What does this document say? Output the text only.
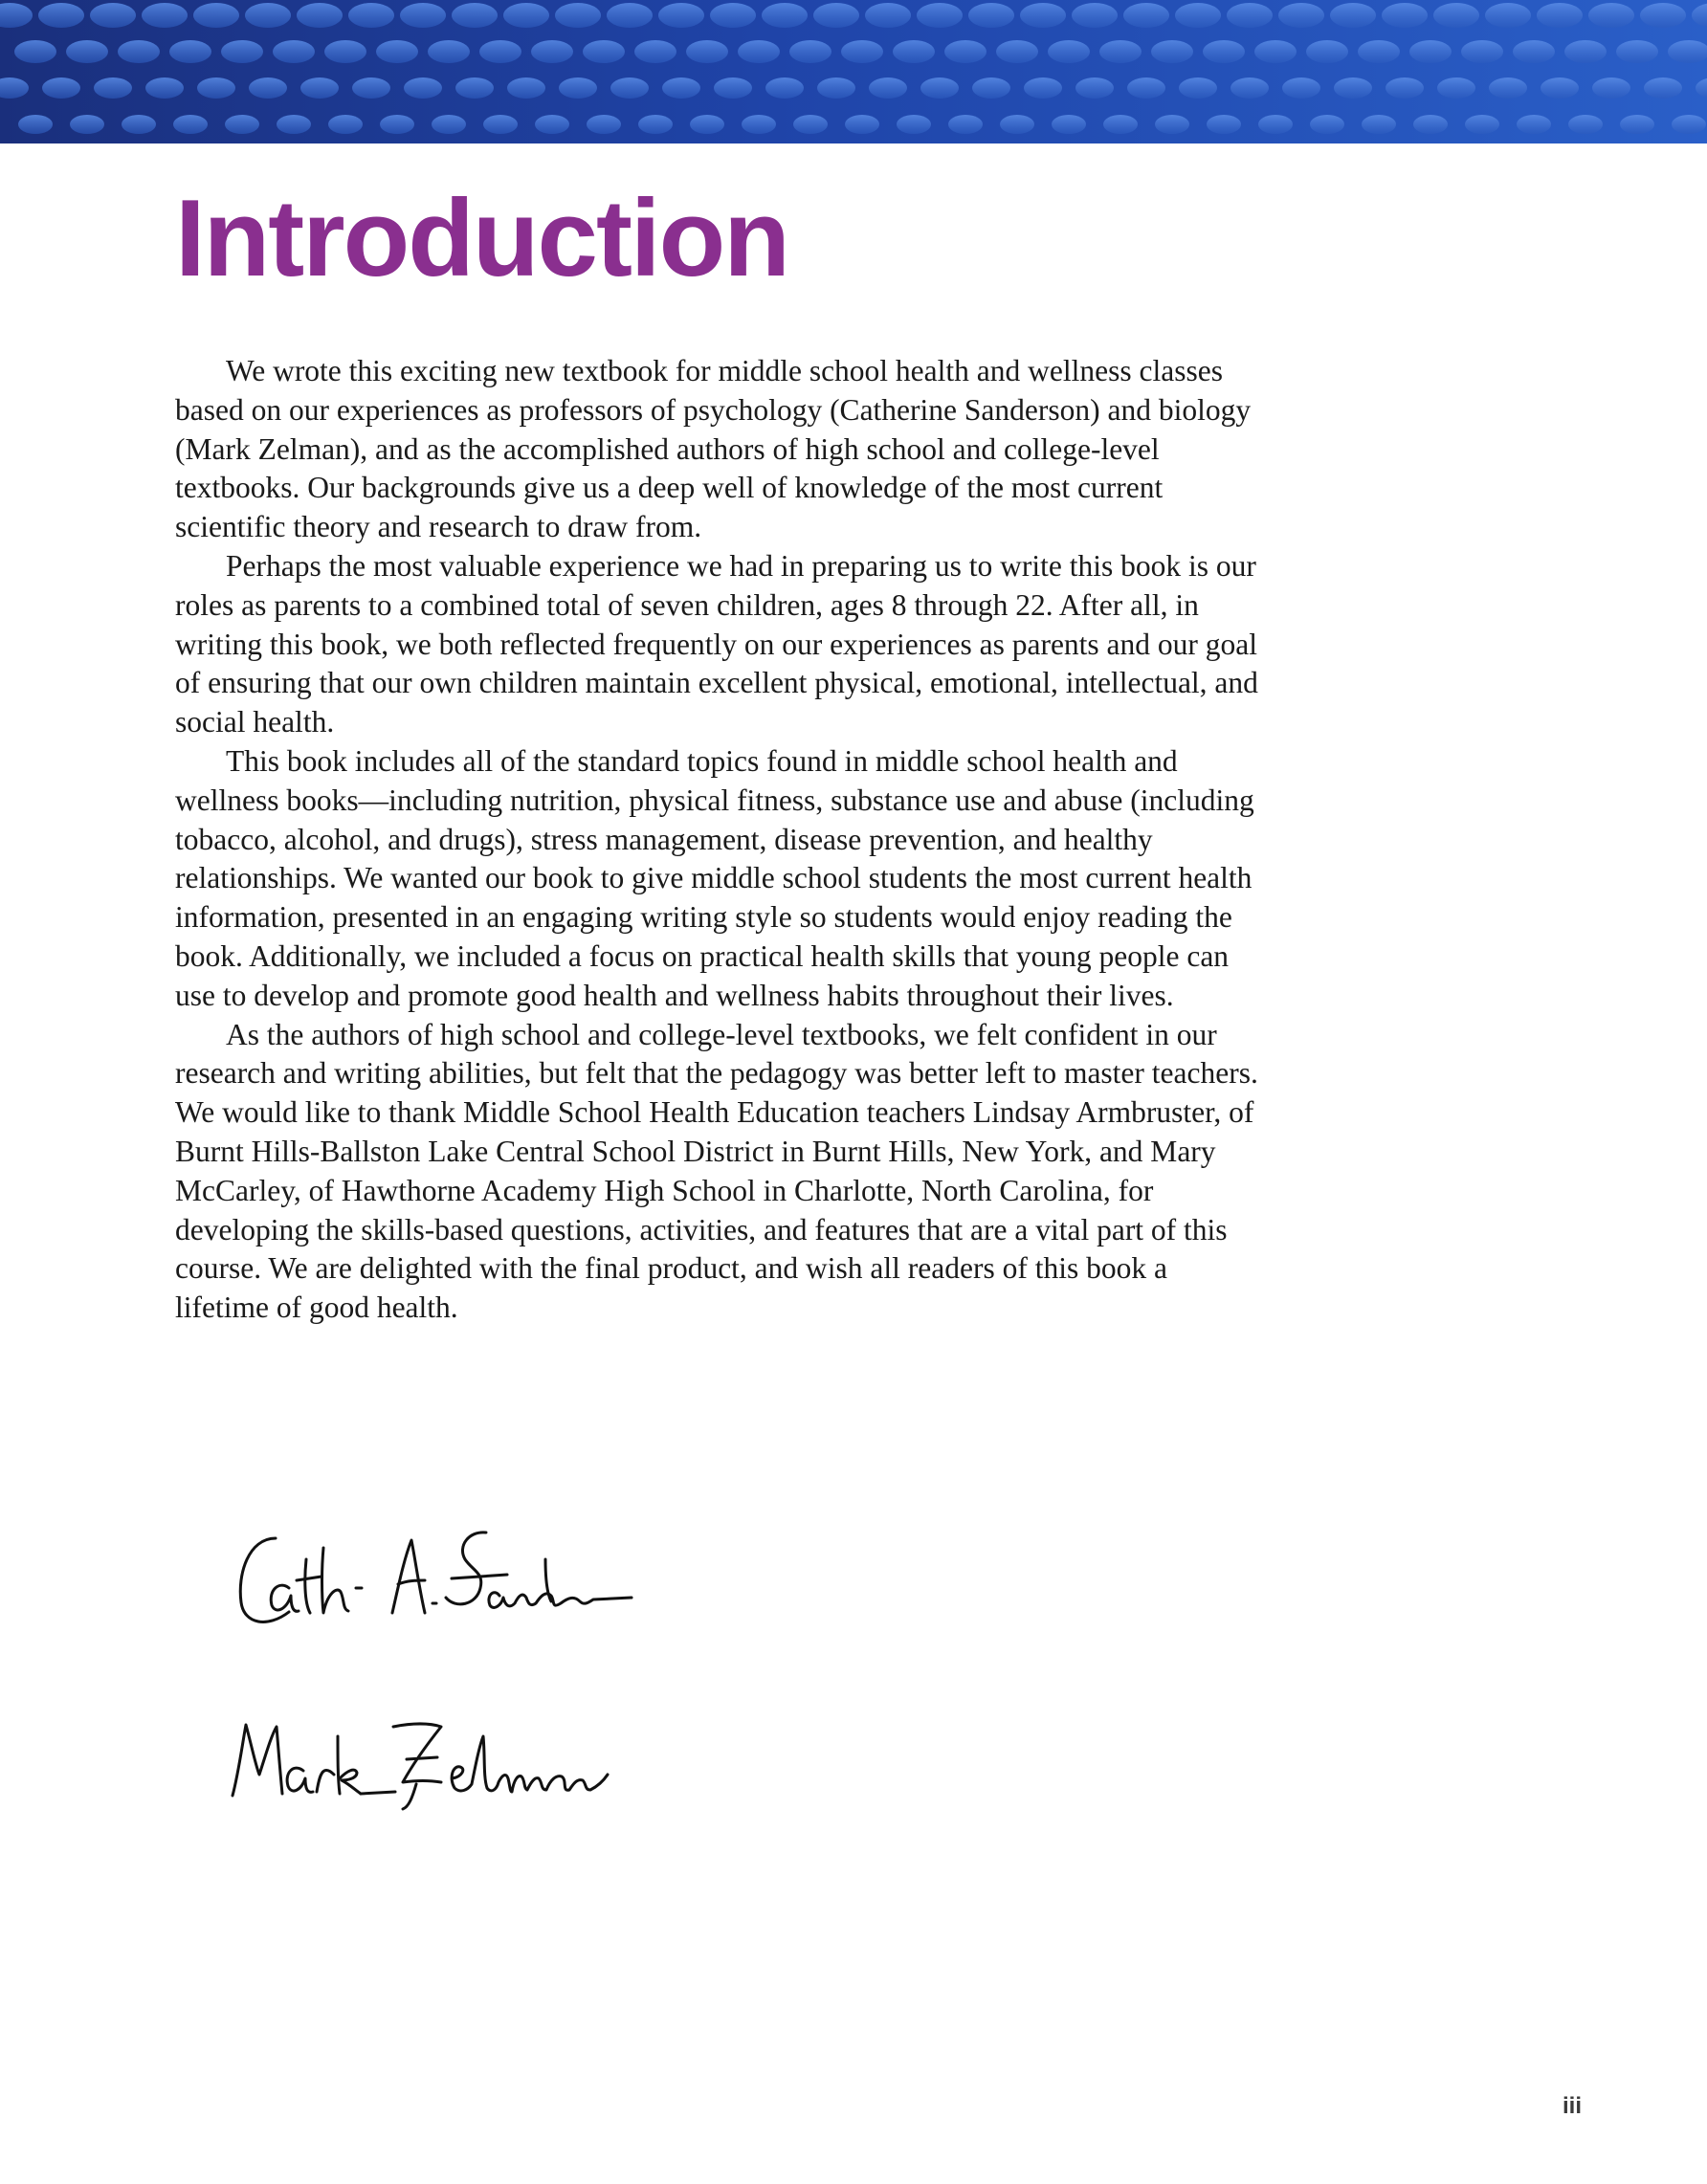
Introduction

We wrote this exciting new textbook for middle school health and wellness classes based on our experiences as professors of psychology (Catherine Sanderson) and biology (Mark Zelman), and as the accomplished authors of high school and college-level textbooks. Our backgrounds give us a deep well of knowledge of the most current scientific theory and research to draw from.

Perhaps the most valuable experience we had in preparing us to write this book is our roles as parents to a combined total of seven children, ages 8 through 22. After all, in writing this book, we both reflected frequently on our experiences as parents and our goal of ensuring that our own children maintain excellent physical, emotional, intellectual, and social health.

This book includes all of the standard topics found in middle school health and wellness books—including nutrition, physical fitness, substance use and abuse (including tobacco, alcohol, and drugs), stress management, disease prevention, and healthy relationships. We wanted our book to give middle school students the most current health information, presented in an engaging writing style so students would enjoy reading the book. Additionally, we included a focus on practical health skills that young people can use to develop and promote good health and wellness habits throughout their lives.

As the authors of high school and college-level textbooks, we felt confident in our research and writing abilities, but felt that the pedagogy was better left to master teachers. We would like to thank Middle School Health Education teachers Lindsay Armbruster, of Burnt Hills-Ballston Lake Central School District in Burnt Hills, New York, and Mary McCarley, of Hawthorne Academy High School in Charlotte, North Carolina, for developing the skills-based questions, activities, and features that are a vital part of this course. We are delighted with the final product, and wish all readers of this book a lifetime of good health.

iii
